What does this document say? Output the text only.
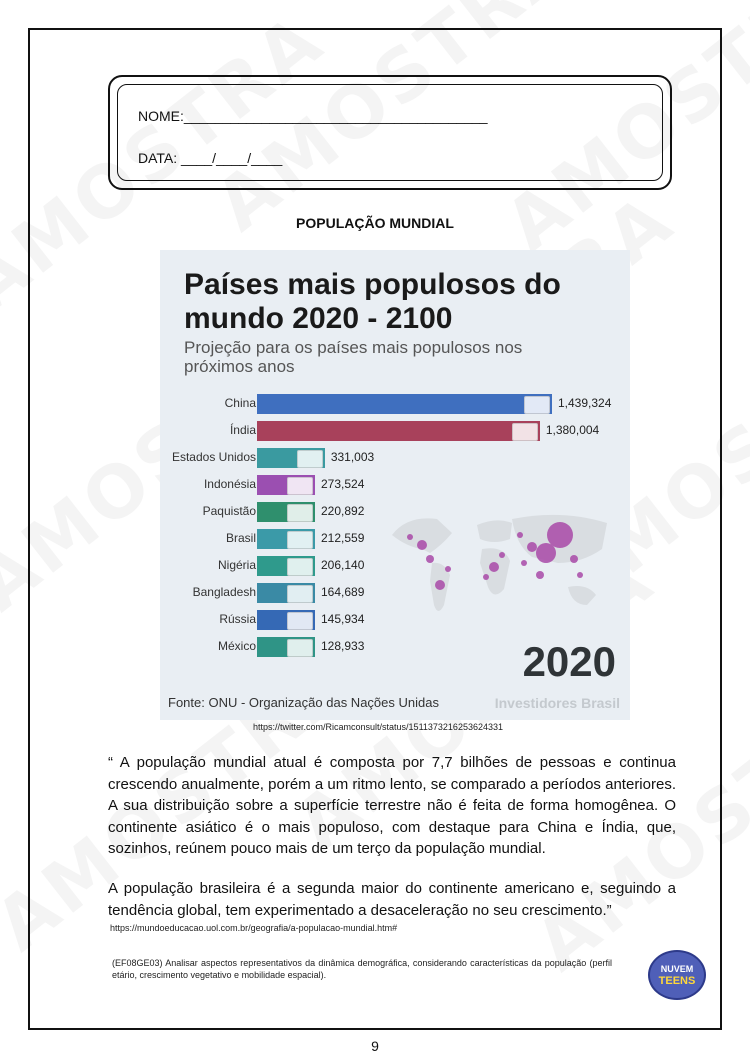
NOME:_______________________________________
DATA: ____/____/____
POPULAÇÃO MUNDIAL
Países mais populosos do mundo 2020 - 2100
Projeção para os países mais populosos nos próximos anos
China	1,439,324
Índia	1,380,004
Estados Unidos	331,003
Indonésia	273,524
Paquistão	220,892
Brasil	212,559
Nigéria	206,140
Bangladesh	164,689
Rússia	145,934
México	128,933	2020
Fonte: ONU - Organização das Nações Unidas	Investidores Brasil
https://twitter.com/Ricamconsult/status/1511373216253624331
“ A população mundial atual é composta por 7,7 bilhões de pessoas e continua crescendo anualmente, porém a um ritmo lento, se comparado a períodos anteriores. A sua distribuição sobre a superfície terrestre não é feita de forma homogênea. O continente asiático é o mais populoso, com destaque para China e Índia, que, sozinhos, reúnem pouco mais de um terço da população mundial.
A população brasileira é a segunda maior do continente americano e, seguindo a tendência global, tem experimentado a desaceleração no seu crescimento.”
https://mundoeducacao.uol.com.br/geografia/a-populacao-mundial.htm#
(EF08GE03) Analisar aspectos representativos da dinâmica demográfica, considerando características da população (perfil etário, crescimento vegetativo e mobilidade espacial).
NUVEM
TEENS
9
